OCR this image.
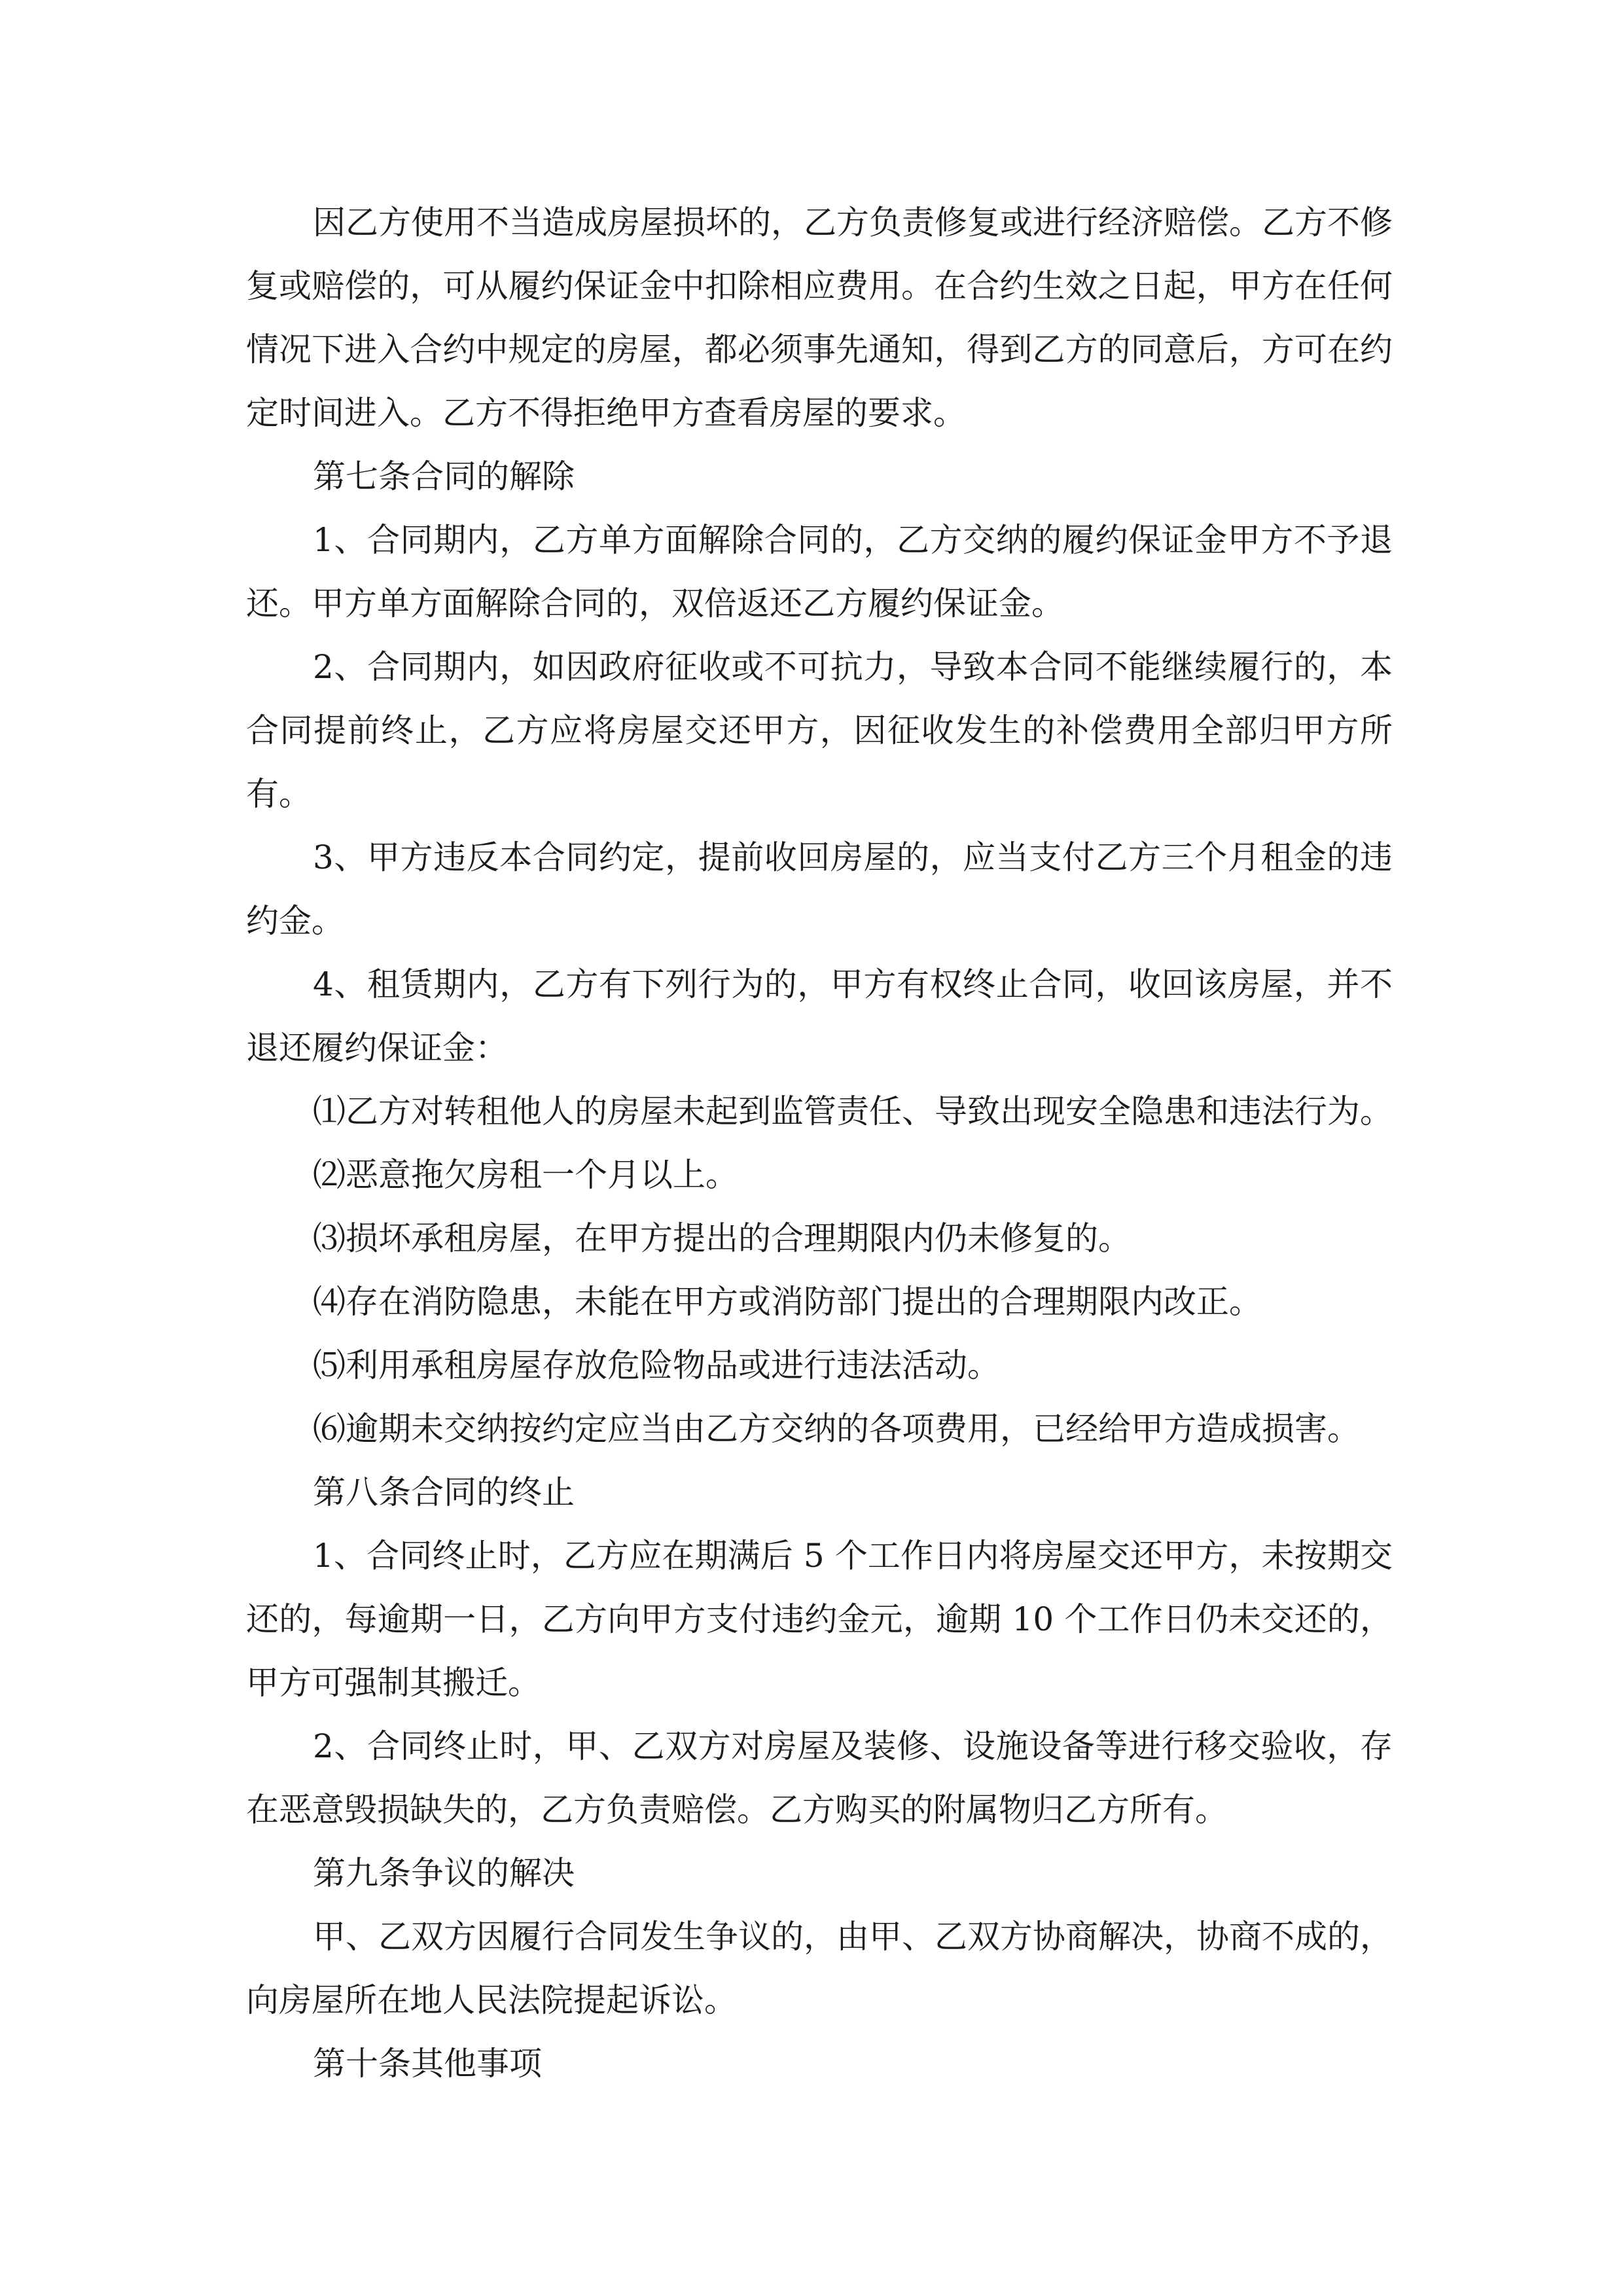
因乙方使用不当造成房屋损坏的，乙方负责修复或进行经济赔偿。乙方不修复或赔偿的，可从履约保证金中扣除相应费用。在合约生效之日起，甲方在任何情况下进入合约中规定的房屋，都必须事先通知，得到乙方的同意后，方可在约定时间进入。乙方不得拒绝甲方查看房屋的要求。

第七条合同的解除

1、合同期内，乙方单方面解除合同的，乙方交纳的履约保证金甲方不予退还。甲方单方面解除合同的，双倍返还乙方履约保证金。

2、合同期内，如因政府征收或不可抗力，导致本合同不能继续履行的，本合同提前终止，乙方应将房屋交还甲方，因征收发生的补偿费用全部归甲方所有。

3、甲方违反本合同约定，提前收回房屋的，应当支付乙方三个月租金的违约金。

4、租赁期内，乙方有下列行为的，甲方有权终止合同，收回该房屋，并不退还履约保证金：

⑴乙方对转租他人的房屋未起到监管责任、导致出现安全隐患和违法行为。

⑵恶意拖欠房租一个月以上。

⑶损坏承租房屋，在甲方提出的合理期限内仍未修复的。

⑷存在消防隐患，未能在甲方或消防部门提出的合理期限内改正。

⑸利用承租房屋存放危险物品或进行违法活动。

⑹逾期未交纳按约定应当由乙方交纳的各项费用，已经给甲方造成损害。

第八条合同的终止

1、合同终止时，乙方应在期满后 5 个工作日内将房屋交还甲方，未按期交还的，每逾期一日，乙方向甲方支付违约金元，逾期 10 个工作日仍未交还的，甲方可强制其搬迁。

2、合同终止时，甲、乙双方对房屋及装修、设施设备等进行移交验收，存在恶意毁损缺失的，乙方负责赔偿。乙方购买的附属物归乙方所有。

第九条争议的解决

甲、乙双方因履行合同发生争议的，由甲、乙双方协商解决，协商不成的，向房屋所在地人民法院提起诉讼。

第十条其他事项
